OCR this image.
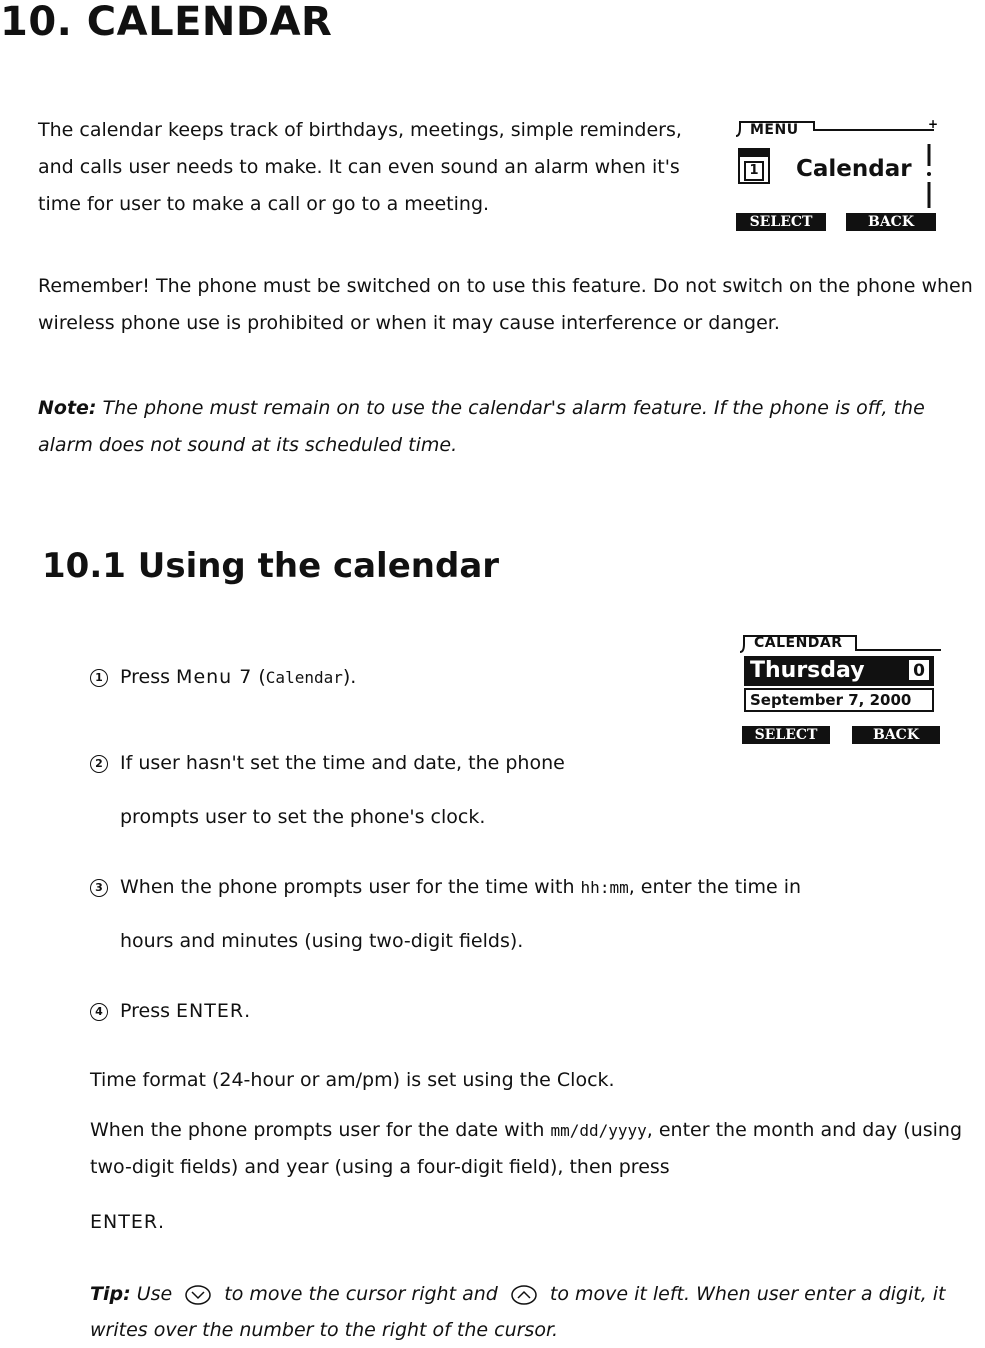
10. CALENDAR
The calendar keeps track of birthdays, meetings, simple reminders, and calls user needs to make. It can even sound an alarm when it's time for user to make a call or go to a meeting.
+
MENU
1 Calendar
SELECT	BACK
Remember! The phone must be switched on to use this feature. Do not switch on the phone when wireless phone use is prohibited or when it may cause interference or danger.
Note: The phone must remain on to use the calendar's alarm feature. If the phone is off, the alarm does not sound at its scheduled time.
10.1 Using the calendar
CALENDAR
Thursday	0
September 7, 2000
SELECT	BACK
1 Press Menu 7 (Calendar).
2 If user hasn't set the time and date, the phone
prompts user to set the phone's clock.
3 When the phone prompts user for the time with hh:mm, enter the time in
hours and minutes (using two-digit fields).
4 Press ENTER.
Time format (24-hour or am/pm) is set using the Clock.
When the phone prompts user for the date with mm/dd/yyyy, enter the month and day (using two-digit fields) and year (using a four-digit field), then press
ENTER.
Tip: Use  to move the cursor right and  to move it left. When user enter a digit, it writes over the number to the right of the cursor.
